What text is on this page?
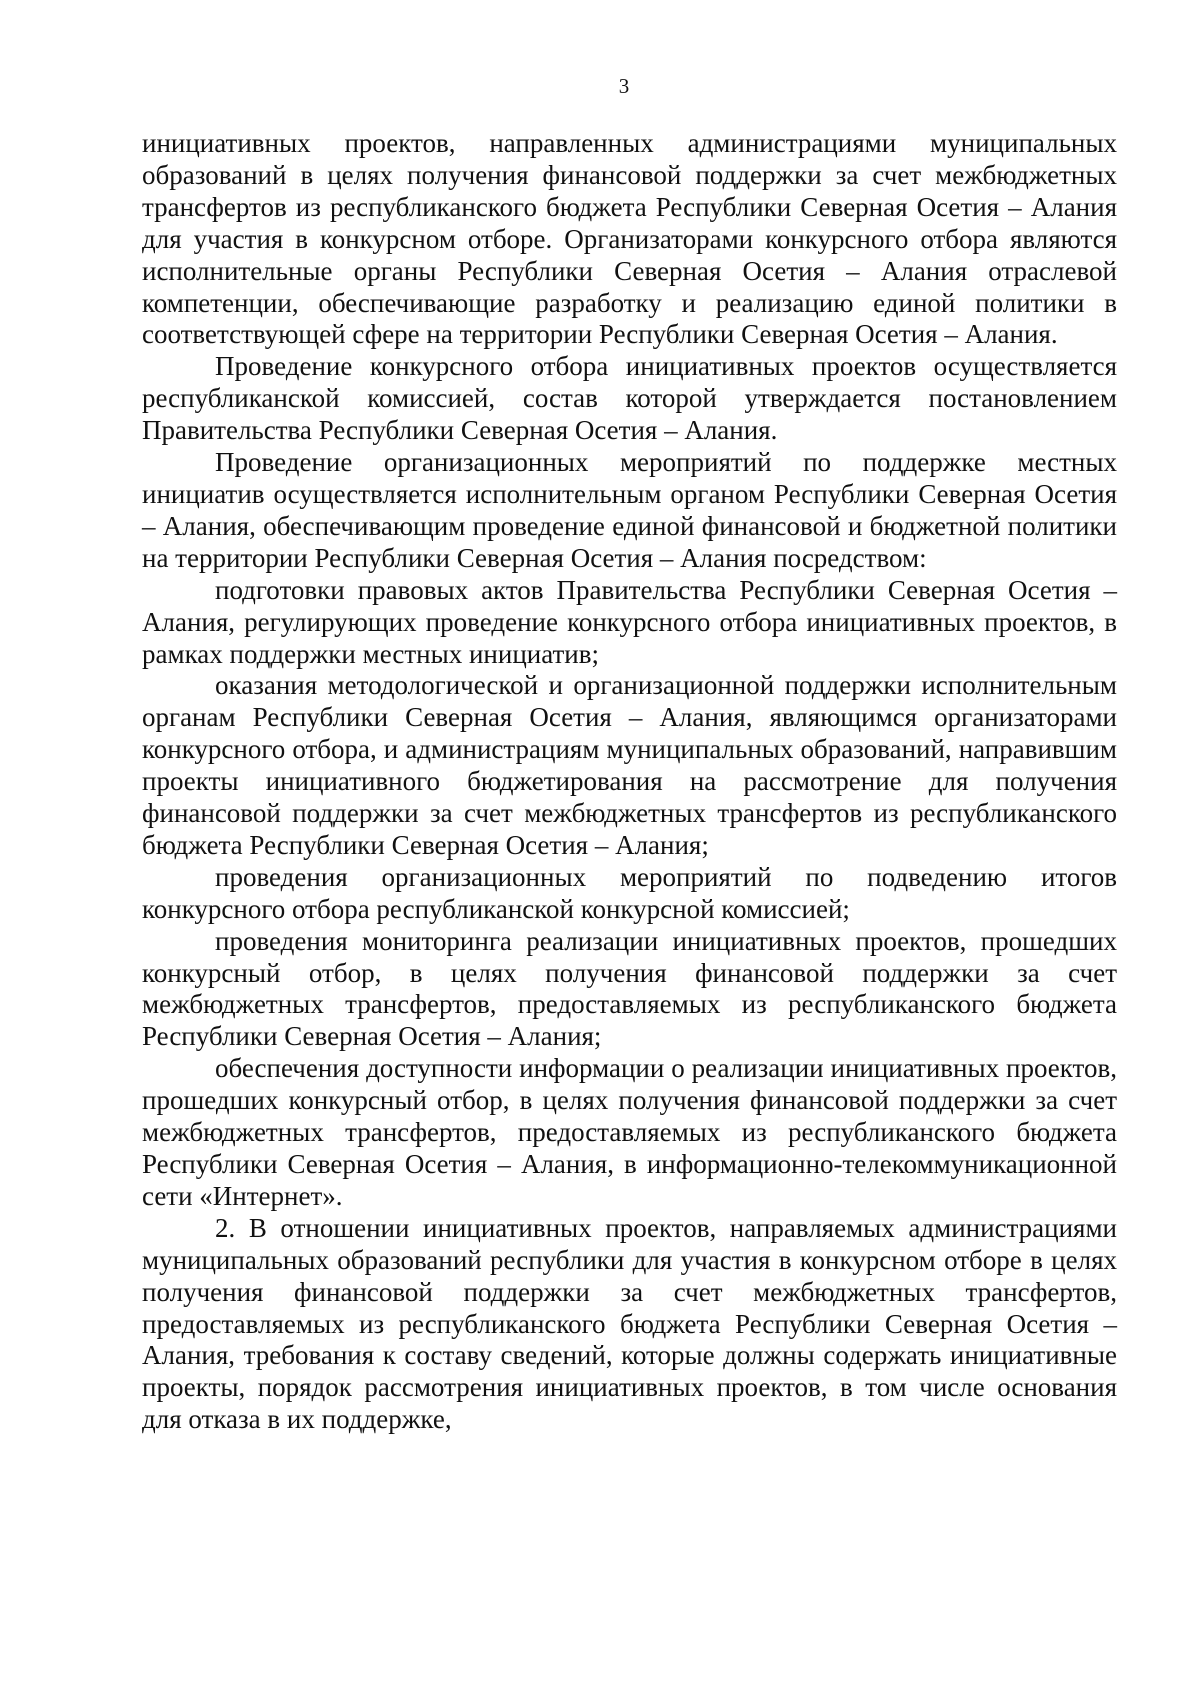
3

инициативных проектов, направленных администрациями муниципальных образований в целях получения финансовой поддержки за счет межбюджетных трансфертов из республиканского бюджета Республики Северная Осетия – Алания для участия в конкурсном отборе. Организаторами конкурсного отбора являются исполнительные органы Республики Северная Осетия – Алания отраслевой компетенции, обеспечивающие разработку и реализацию единой политики в соответствующей сфере на территории Республики Северная Осетия – Алания.

Проведение конкурсного отбора инициативных проектов осуществляется республиканской комиссией, состав которой утверждается постановлением Правительства Республики Северная Осетия – Алания.

Проведение организационных мероприятий по поддержке местных инициатив осуществляется исполнительным органом Республики Северная Осетия – Алания, обеспечивающим проведение единой финансовой и бюджетной политики на территории Республики Северная Осетия – Алания посредством:

подготовки правовых актов Правительства Республики Северная Осетия – Алания, регулирующих проведение конкурсного отбора инициативных проектов, в рамках поддержки местных инициатив;

оказания методологической и организационной поддержки исполнительным органам Республики Северная Осетия – Алания, являющимся организаторами конкурсного отбора, и администрациям муниципальных образований, направившим проекты инициативного бюджетирования на рассмотрение для получения финансовой поддержки за счет межбюджетных трансфертов из республиканского бюджета Республики Северная Осетия – Алания;

проведения организационных мероприятий по подведению итогов конкурсного отбора республиканской конкурсной комиссией;

проведения мониторинга реализации инициативных проектов, прошедших конкурсный отбор, в целях получения финансовой поддержки за счет межбюджетных трансфертов, предоставляемых из республиканского бюджета Республики Северная Осетия – Алания;

обеспечения доступности информации о реализации инициативных проектов, прошедших конкурсный отбор, в целях получения финансовой поддержки за счет межбюджетных трансфертов, предоставляемых из республиканского бюджета Республики Северная Осетия – Алания, в информационно-телекоммуникационной сети «Интернет».

2. В отношении инициативных проектов, направляемых администрациями муниципальных образований республики для участия в конкурсном отборе в целях получения финансовой поддержки за счет межбюджетных трансфертов, предоставляемых из республиканского бюджета Республики Северная Осетия – Алания, требования к составу сведений, которые должны содержать инициативные проекты, порядок рассмотрения инициативных проектов, в том числе основания для отказа в их поддержке,
